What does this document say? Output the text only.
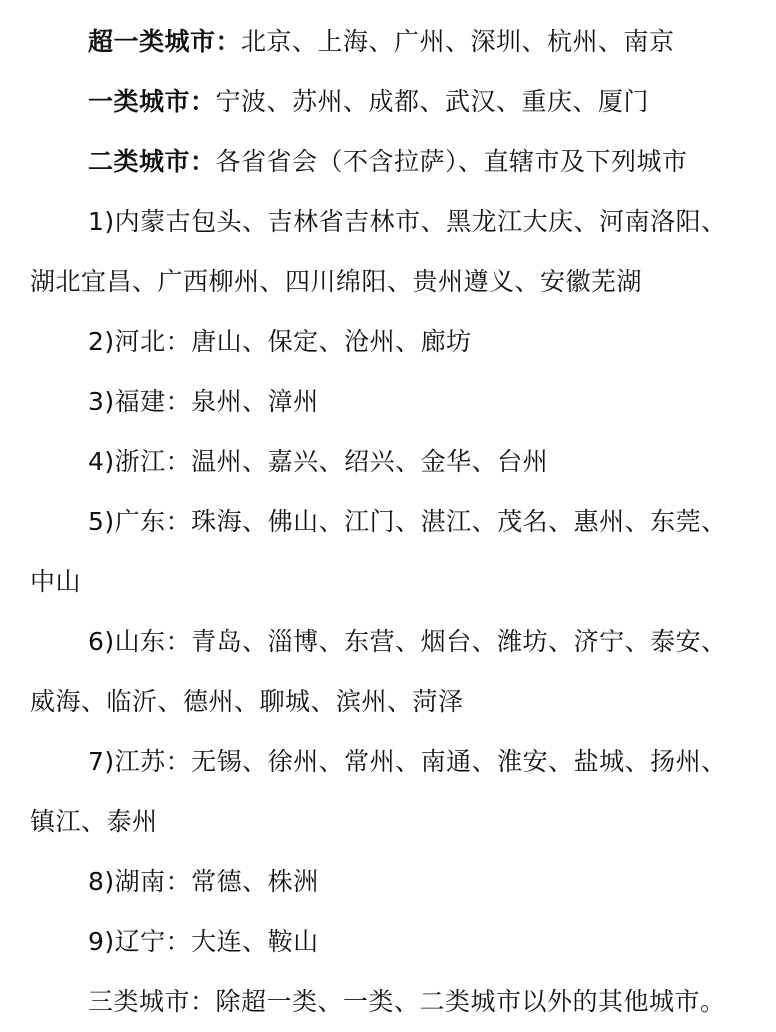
超一类城市：北京、上海、广州、深圳、杭州、南京

一类城市：宁波、苏州、成都、武汉、重庆、厦门

二类城市：各省省会（不含拉萨）、直辖市及下列城市

1)内蒙古包头、吉林省吉林市、黑龙江大庆、河南洛阳、湖北宜昌、广西柳州、四川绵阳、贵州遵义、安徽芜湖

2)河北：唐山、保定、沧州、廊坊

3)福建：泉州、漳州

4)浙江：温州、嘉兴、绍兴、金华、台州

5)广东：珠海、佛山、江门、湛江、茂名、惠州、东莞、中山

6)山东：青岛、淄博、东营、烟台、潍坊、济宁、泰安、威海、临沂、德州、聊城、滨州、菏泽

7)江苏：无锡、徐州、常州、南通、淮安、盐城、扬州、镇江、泰州

8)湖南：常德、株洲

9)辽宁：大连、鞍山

三类城市：除超一类、一类、二类城市以外的其他城市。
